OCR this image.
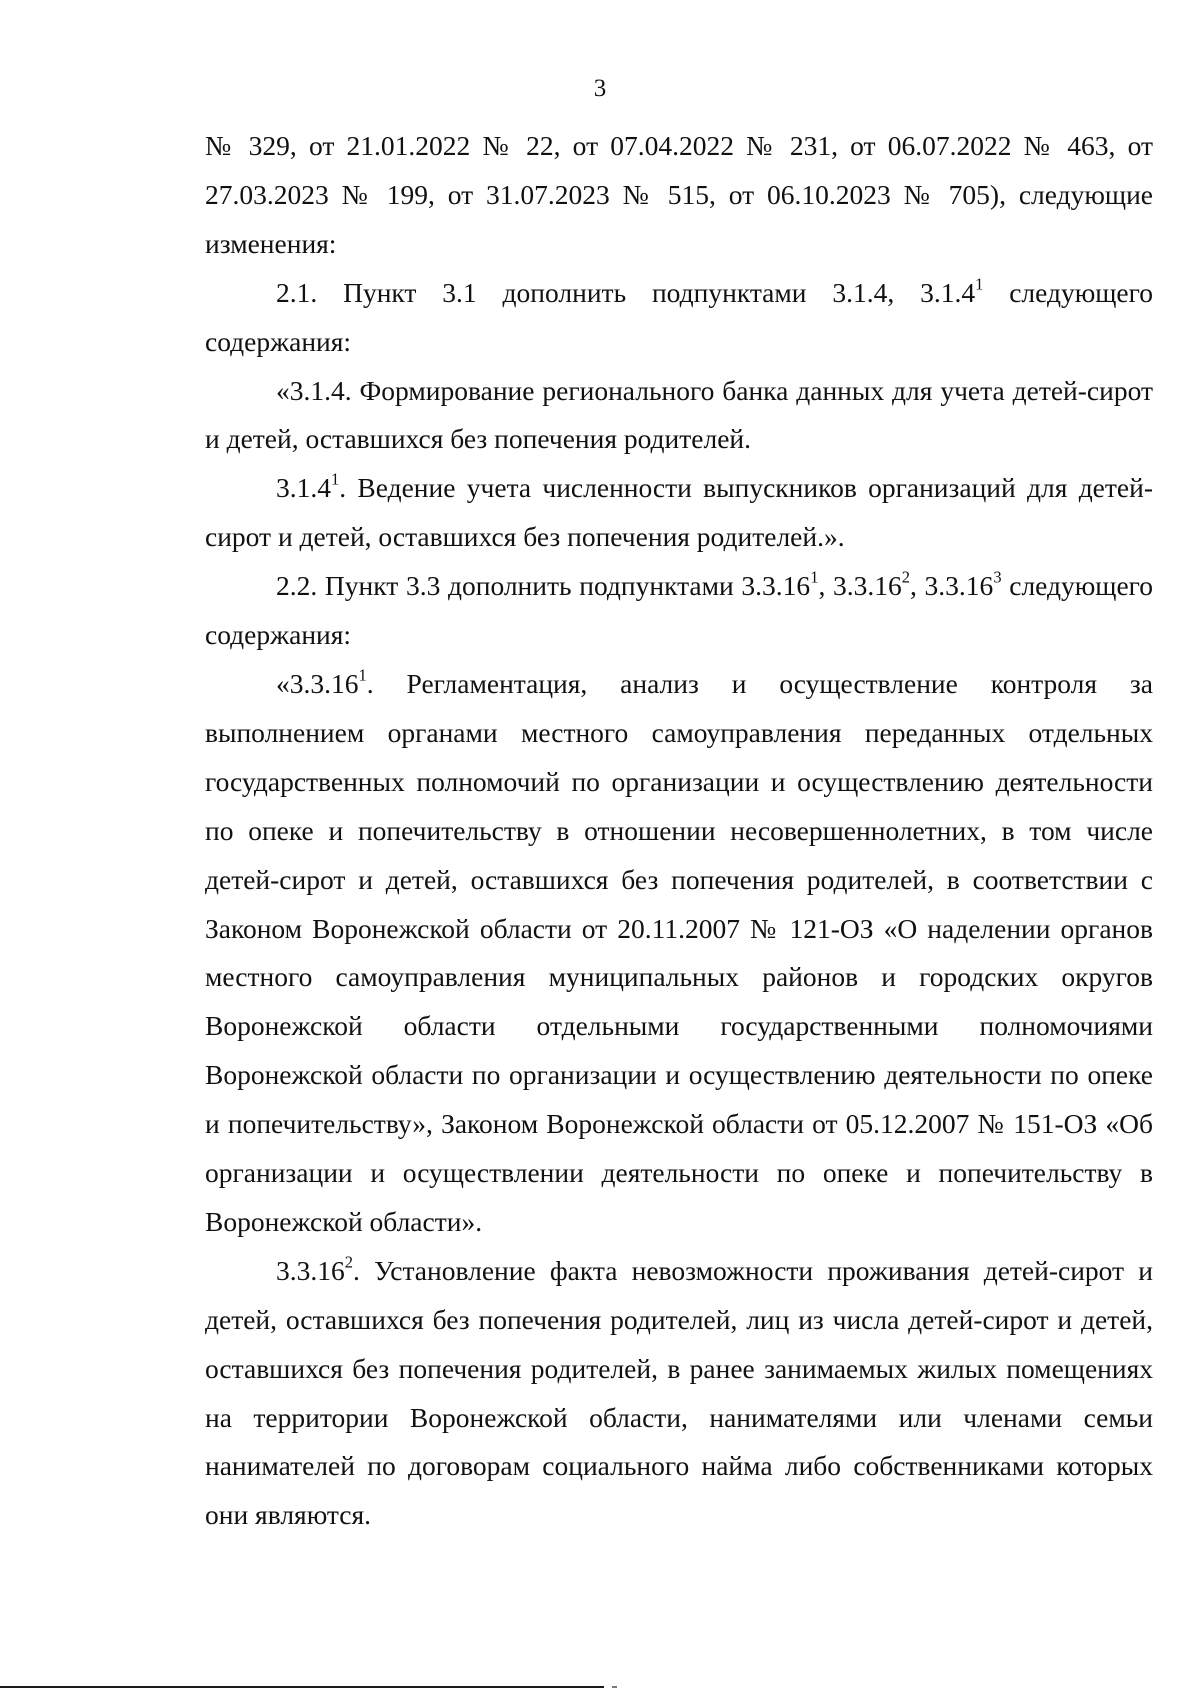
3

№ 329, от 21.01.2022 № 22, от 07.04.2022 № 231, от 06.07.2022 № 463, от 27.03.2023 № 199, от 31.07.2023 № 515, от 06.10.2023 № 705), следующие изменения:

2.1. Пункт 3.1 дополнить подпунктами 3.1.4, 3.1.4$^1$ следующего содержания:

«3.1.4. Формирование регионального банка данных для учета детей-сирот и детей, оставшихся без попечения родителей.

3.1.4$^1$. Ведение учета численности выпускников организаций для детей-сирот и детей, оставшихся без попечения родителей.».

2.2. Пункт 3.3 дополнить подпунктами 3.3.16$^1$, 3.3.16$^2$, 3.3.16$^3$ следующего содержания:

«3.3.16$^1$. Регламентация, анализ и осуществление контроля за выполнением органами местного самоуправления переданных отдельных государственных полномочий по организации и осуществлению деятельности по опеке и попечительству в отношении несовершеннолетних, в том числе детей-сирот и детей, оставшихся без попечения родителей, в соответствии с Законом Воронежской области от 20.11.2007 № 121-ОЗ «О наделении органов местного самоуправления муниципальных районов и городских округов Воронежской области отдельными государственными полномочиями Воронежской области по организации и осуществлению деятельности по опеке и попечительству», Законом Воронежской области от 05.12.2007 № 151-ОЗ «Об организации и осуществлении деятельности по опеке и попечительству в Воронежской области».

3.3.16$^2$. Установление факта невозможности проживания детей-сирот и детей, оставшихся без попечения родителей, лиц из числа детей-сирот и детей, оставшихся без попечения родителей, в ранее занимаемых жилых помещениях на территории Воронежской области, нанимателями или членами семьи нанимателей по договорам социального найма либо собственниками которых они являются.
